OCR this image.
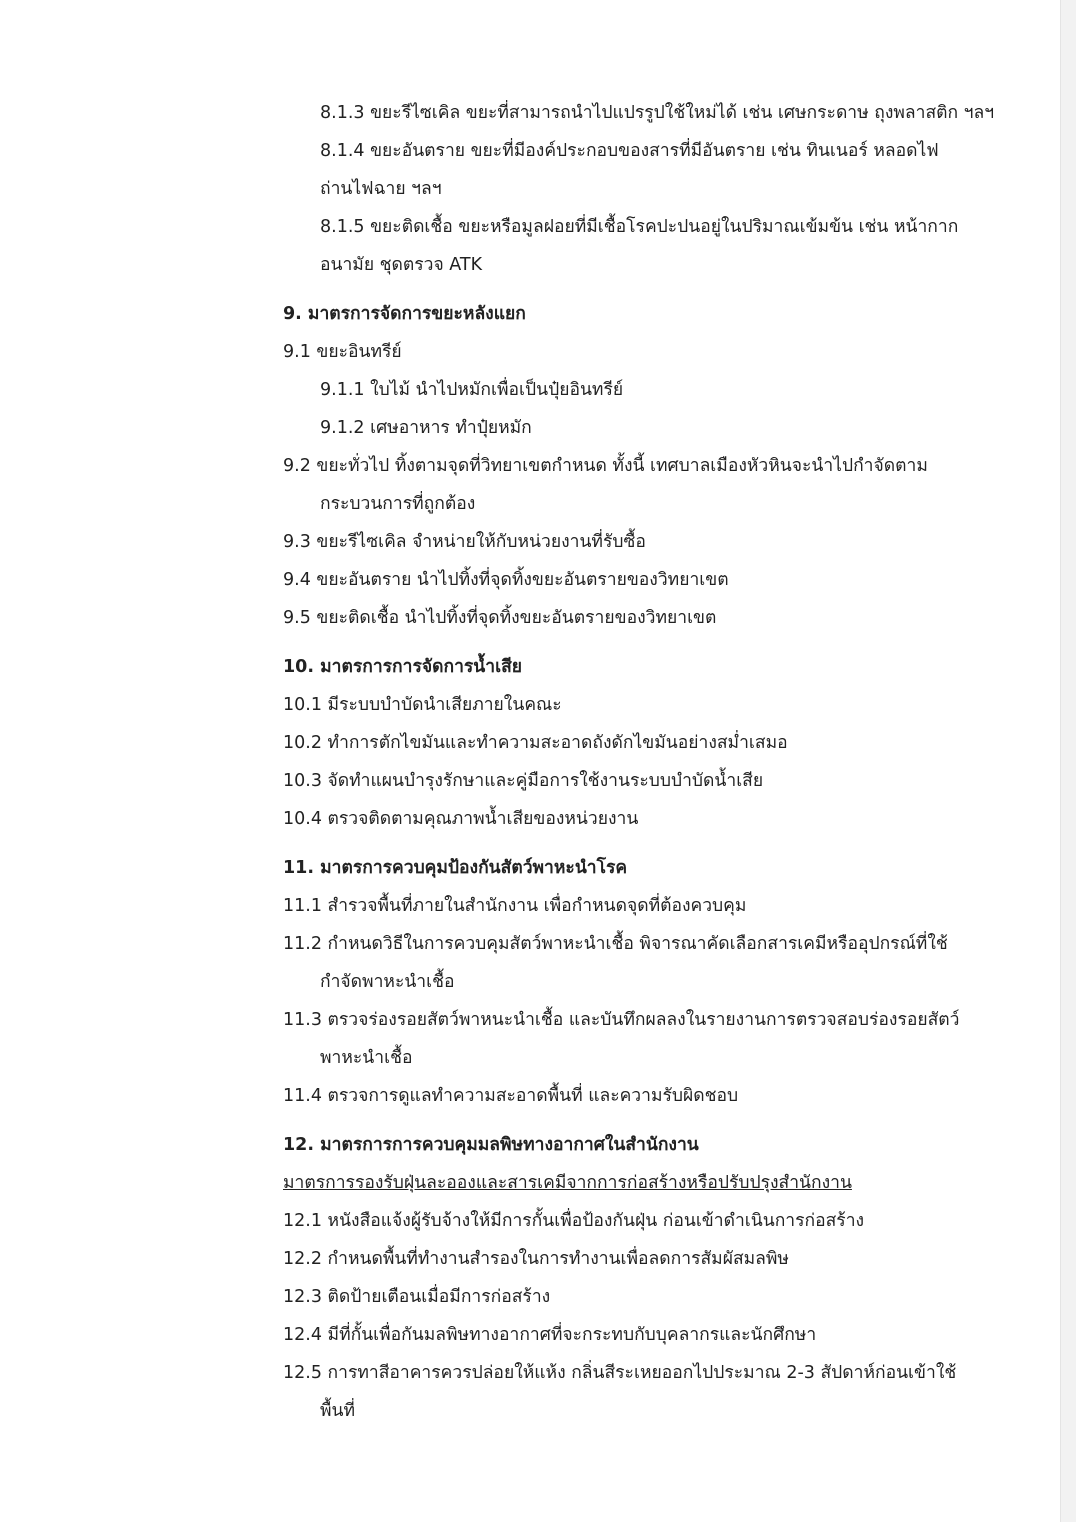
8.1.3 ขยะรีไซเคิล ขยะที่สามารถนำไปแปรรูปใช้ใหม่ได้ เช่น เศษกระดาษ ถุงพลาสติก ฯลฯ

8.1.4 ขยะอันตราย ขยะที่มีองค์ประกอบของสารที่มีอันตราย เช่น ทินเนอร์ หลอดไฟ

ถ่านไฟฉาย ฯลฯ

8.1.5 ขยะติดเชื้อ ขยะหรือมูลฝอยที่มีเชื้อโรคปะปนอยู่ในปริมาณเข้มข้น เช่น หน้ากาก

อนามัย ชุดตรวจ ATK

9. มาตรการจัดการขยะหลังแยก

9.1 ขยะอินทรีย์

9.1.1 ใบไม้ นำไปหมักเพื่อเป็นปุ๋ยอินทรีย์

9.1.2 เศษอาหาร ทำปุ๋ยหมัก

9.2 ขยะทั่วไป ทิ้งตามจุดที่วิทยาเขตกำหนด ทั้งนี้ เทศบาลเมืองหัวหินจะนำไปกำจัดตาม

กระบวนการที่ถูกต้อง

9.3 ขยะรีไซเคิล จำหน่ายให้กับหน่วยงานที่รับซื้อ

9.4 ขยะอันตราย นำไปทิ้งที่จุดทิ้งขยะอันตรายของวิทยาเขต

9.5 ขยะติดเชื้อ นำไปทิ้งที่จุดทิ้งขยะอันตรายของวิทยาเขต

10. มาตรการการจัดการน้ำเสีย

10.1 มีระบบบำบัดนำเสียภายในคณะ

10.2 ทำการตักไขมันและทำความสะอาดถังดักไขมันอย่างสม่ำเสมอ

10.3 จัดทำแผนบำรุงรักษาและคู่มือการใช้งานระบบบำบัดน้ำเสีย

10.4 ตรวจติดตามคุณภาพน้ำเสียของหน่วยงาน

11. มาตรการควบคุมป้องกันสัตว์พาหะนำโรค

11.1 สำรวจพื้นที่ภายในสำนักงาน เพื่อกำหนดจุดที่ต้องควบคุม

11.2 กำหนดวิธีในการควบคุมสัตว์พาหะนำเชื้อ พิจารณาคัดเลือกสารเคมีหรืออุปกรณ์ที่ใช้

กำจัดพาหะนำเชื้อ

11.3 ตรวจร่องรอยสัตว์พาหนะนำเชื้อ และบันทึกผลลงในรายงานการตรวจสอบร่องรอยสัตว์

พาหะนำเชื้อ

11.4 ตรวจการดูแลทำความสะอาดพื้นที่ และความรับผิดชอบ

12. มาตรการการควบคุมมลพิษทางอากาศในสำนักงาน

มาตรการรองรับฝุ่นละอองและสารเคมีจากการก่อสร้างหรือปรับปรุงสำนักงาน

12.1 หนังสือแจ้งผู้รับจ้างให้มีการกั้นเพื่อป้องกันฝุ่น ก่อนเข้าดำเนินการก่อสร้าง

12.2 กำหนดพื้นที่ทำงานสำรองในการทำงานเพื่อลดการสัมผัสมลพิษ

12.3 ติดป้ายเตือนเมื่อมีการก่อสร้าง

12.4 มีที่กั้นเพื่อกันมลพิษทางอากาศที่จะกระทบกับบุคลากรและนักศึกษา

12.5 การทาสีอาคารควรปล่อยให้แห้ง กลิ่นสีระเหยออกไปประมาณ 2-3 สัปดาห์ก่อนเข้าใช้

พื้นที่
